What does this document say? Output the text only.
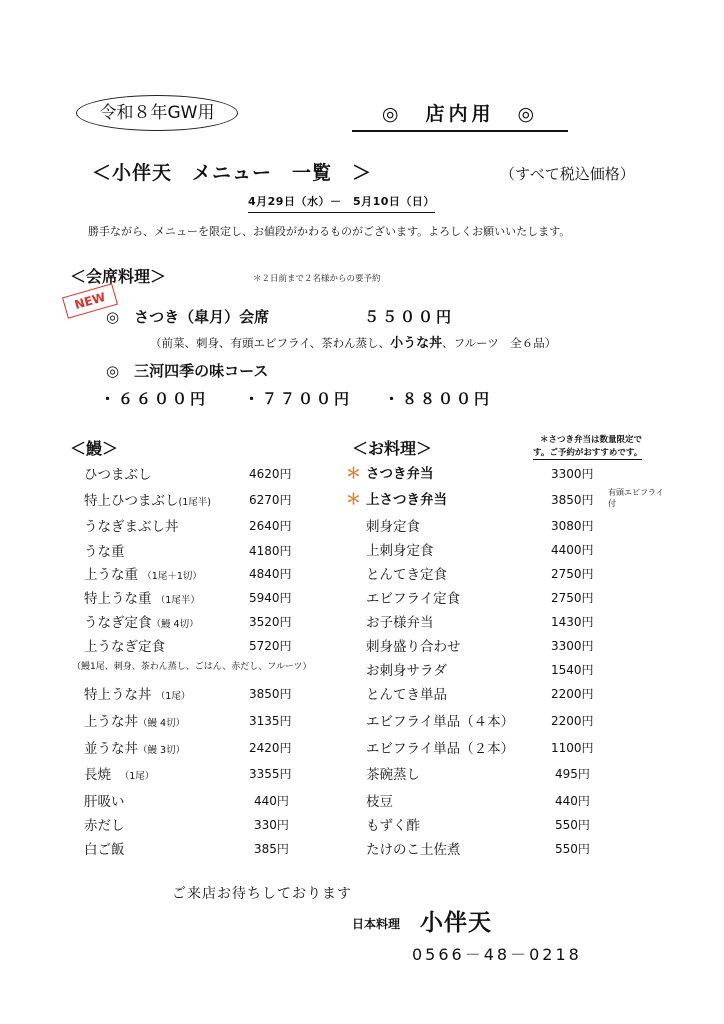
令和８年GW用	◎　店内用　◎
＜小伴天　メニュー　一覧　＞	（すべて税込価格）
4月29日（水）－　5月10日（日）
勝手ながら、メニューを限定し、お値段がかわるものがございます。よろしくお願いいたします。
＜会席料理＞	＊２日前まで２名様からの要予約
NEW
◎　さつき（皐月）会席	５５００円
（前菜、刺身、有頭エビフライ、茶わん蒸し、小うな丼、フルーツ　全６品）
◎　三河四季の味コース
・６６００円 ・７７００円 ・８８００円
＜鰻＞
ひつまぶし	4620円
特上ひつまぶし(1尾半)	6270円
うなぎまぶし丼	2640円
うな重	4180円
上うな重 （1尾＋1切）	4840円
特上うな重 （1尾半）	5940円
うなぎ定食（鰻 4切）	3520円
上うなぎ定食	5720円
（鰻1尾、刺身、茶わん蒸し、ごはん、赤だし、フルーツ）
特上うな丼 （1尾）	3850円
上うな丼（鰻 4切）	3135円
並うな丼（鰻 3切）	2420円
長焼　 （1尾）	3355円
肝吸い	440円
赤だし	330円
白ご飯	385円
＜お料理＞	＊さつき弁当は数量限定で
す。ご予約がおすすめです。
＊ さつき弁当	3300円
＊ 上さつき弁当	3850円
有頭エビフライ
付
刺身定食	3080円
上刺身定食	4400円
とんてき定食	2750円
エビフライ定食	2750円
お子様弁当	1430円
刺身盛り合わせ	3300円
お刺身サラダ	1540円
とんてき単品	2200円
エビフライ単品（４本）	2200円
エビフライ単品（２本）	1100円
茶碗蒸し	495円
枝豆	440円
もずく酢	550円
たけのこ土佐煮	550円
ご来店お待ちしております
日本料理 小伴天
0566－48－0218
